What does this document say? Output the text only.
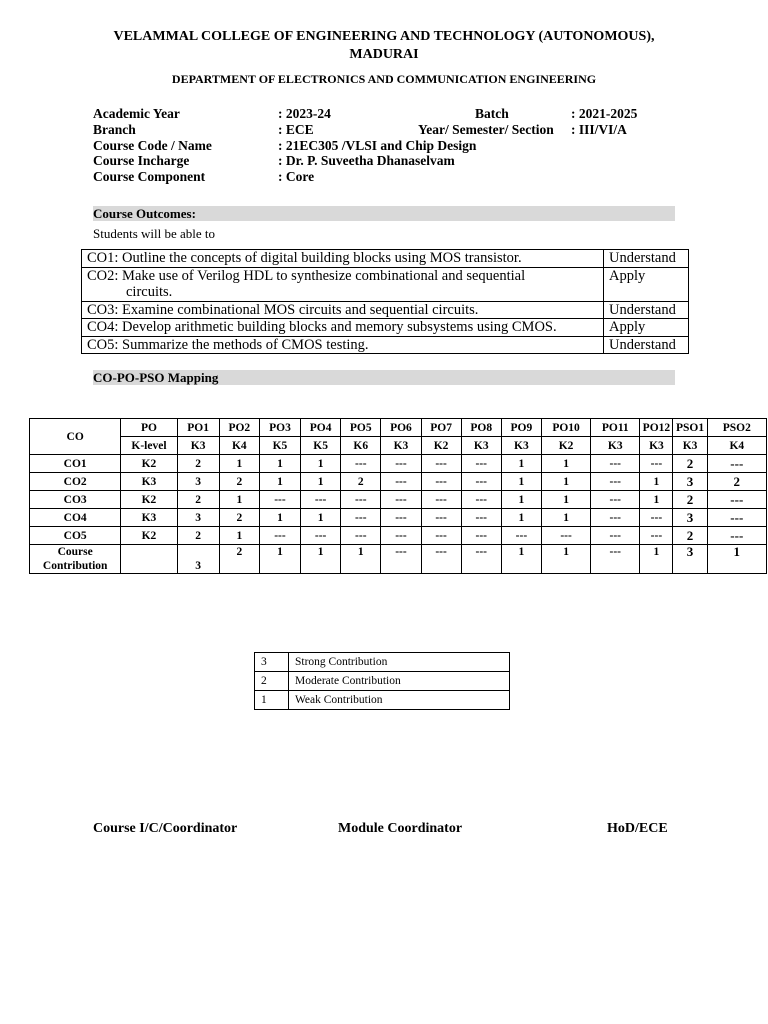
VELAMMAL COLLEGE OF ENGINEERING AND TECHNOLOGY (AUTONOMOUS),
MADURAI
DEPARTMENT OF ELECTRONICS AND COMMUNICATION ENGINEERING
Academic Year	: 2023-24	Batch	: 2021-2025
Branch	: ECE	Year/ Semester/ Section : III/VI/A
Course Code / Name	: 21EC305 /VLSI and Chip Design
Course Incharge	: Dr. P. Suveetha Dhanaselvam
Course Component	: Core
Course Outcomes:
Students will be able to
CO1: Outline the concepts of digital building blocks using MOS transistor.	Understand
CO2: Make use of Verilog HDL to synthesize combinational and sequential
circuits.	Apply
CO3: Examine combinational MOS circuits and sequential circuits.	Understand
CO4: Develop arithmetic building blocks and memory subsystems using CMOS.	Apply
CO5: Summarize the methods of CMOS testing.	Understand
CO-PO-PSO Mapping
CO	PO	PO1	PO2	PO3	PO4	PO5	PO6	PO7	PO8	PO9	PO10	PO11	PO12	PSO1	PSO2
	K-level	K3	K4	K5	K5	K6	K3	K2	K3	K3	K2	K3	K3	K3	K4
CO1	K2	2	1	1	1	---	---	---	---	1	1	---	---	2	---
CO2	K3	3	2	1	1	2	---	---	---	1	1	---	1	3	2
CO3	K2	2	1	---	---	---	---	---	---	1	1	---	1	2	---
CO4	K3	3	2	1	1	---	---	---	---	1	1	---	---	3	---
CO5	K2	2	1	---	---	---	---	---	---	---	---	---	---	2	---

Course
Contribution		3	2	1	1	1	---	---	---	1	1	---	1	3	1
3	Strong Contribution
2	Moderate Contribution
1	Weak Contribution
Course I/C/Coordinator	Module Coordinator	HoD/ECE
